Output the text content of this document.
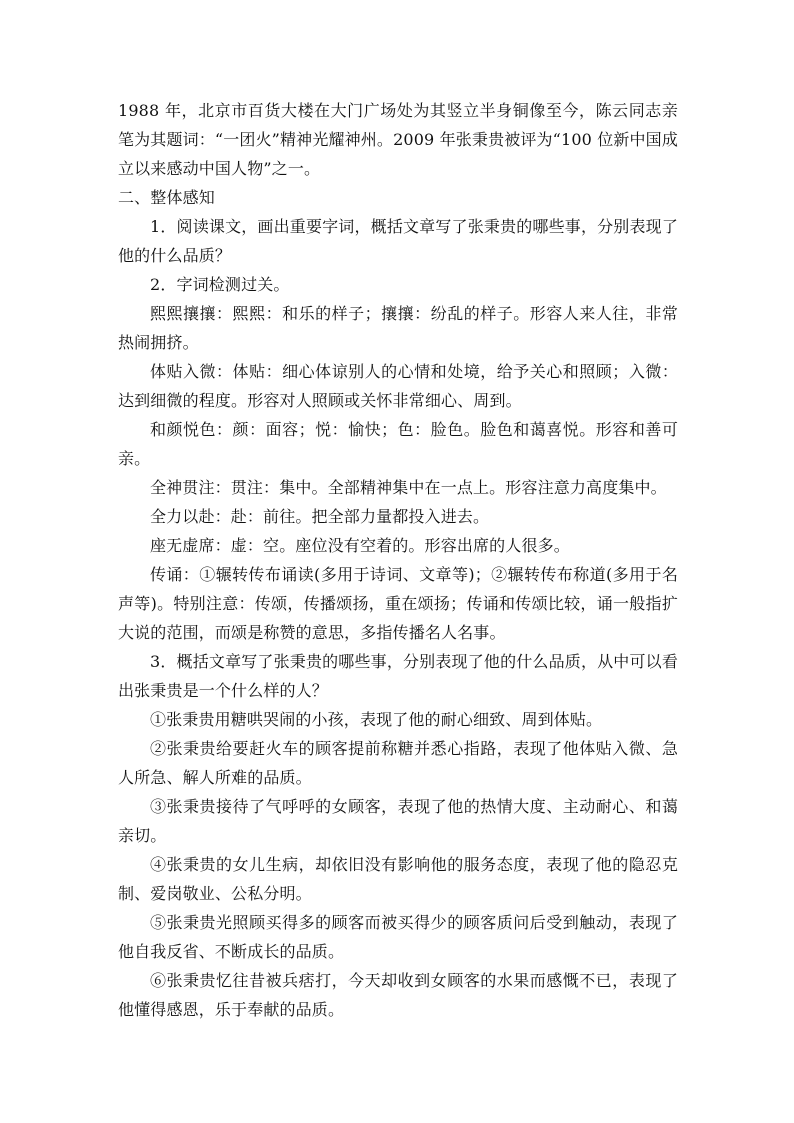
1988 年，北京市百货大楼在大门广场处为其竖立半身铜像至今，陈云同志亲笔为其题词：“一团火”精神光耀神州。2009 年张秉贵被评为“100 位新中国成立以来感动中国人物”之一。

二、整体感知

1．阅读课文，画出重要字词，概括文章写了张秉贵的哪些事，分别表现了他的什么品质？

2．字词检测过关。

熙熙攘攘：熙熙：和乐的样子；攘攘：纷乱的样子。形容人来人往，非常热闹拥挤。

体贴入微：体贴：细心体谅别人的心情和处境，给予关心和照顾；入微：达到细微的程度。形容对人照顾或关怀非常细心、周到。

和颜悦色：颜：面容；悦：愉快；色：脸色。脸色和蔼喜悦。形容和善可亲。

全神贯注：贯注：集中。全部精神集中在一点上。形容注意力高度集中。

全力以赴：赴：前往。把全部力量都投入进去。

座无虚席：虚：空。座位没有空着的。形容出席的人很多。

传诵：①辗转传布诵读(多用于诗词、文章等)；②辗转传布称道(多用于名声等)。特别注意：传颂，传播颂扬，重在颂扬；传诵和传颂比较，诵一般指扩大说的范围，而颂是称赞的意思，多指传播名人名事。

3．概括文章写了张秉贵的哪些事，分别表现了他的什么品质，从中可以看出张秉贵是一个什么样的人？

①张秉贵用糖哄哭闹的小孩，表现了他的耐心细致、周到体贴。

②张秉贵给要赶火车的顾客提前称糖并悉心指路，表现了他体贴入微、急人所急、解人所难的品质。

③张秉贵接待了气呼呼的女顾客，表现了他的热情大度、主动耐心、和蔼亲切。

④张秉贵的女儿生病，却依旧没有影响他的服务态度，表现了他的隐忍克制、爱岗敬业、公私分明。

⑤张秉贵光照顾买得多的顾客而被买得少的顾客质问后受到触动，表现了他自我反省、不断成长的品质。

⑥张秉贵忆往昔被兵痞打，今天却收到女顾客的水果而感慨不已，表现了他懂得感恩，乐于奉献的品质。
